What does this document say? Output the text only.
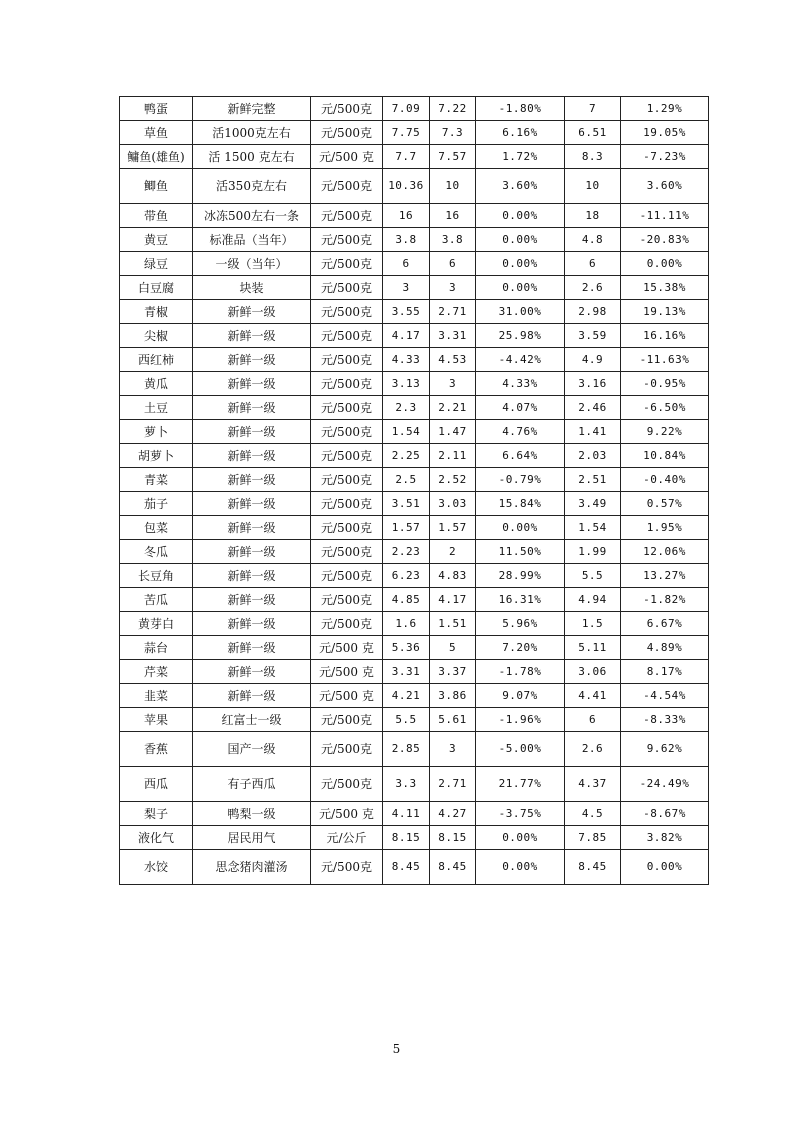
鸭蛋	新鲜完整	元/500克	7.09	7.22	-1.80%	7	1.29%
草鱼	活1000克左右	元/500克	7.75	7.3	6.16%	6.51	19.05%
鳙鱼(雄鱼)	活 1500 克左右	元/500 克	7.7	7.57	1.72%	8.3	-7.23%
鲫鱼	活350克左右	元/500克	10.36	10	3.60%	10	3.60%
带鱼	冰冻500左右一条	元/500克	16	16	0.00%	18	-11.11%
黄豆	标准品（当年）	元/500克	3.8	3.8	0.00%	4.8	-20.83%
绿豆	一级（当年）	元/500克	6	6	0.00%	6	0.00%
白豆腐	块装	元/500克	3	3	0.00%	2.6	15.38%
青椒	新鲜一级	元/500克	3.55	2.71	31.00%	2.98	19.13%
尖椒	新鲜一级	元/500克	4.17	3.31	25.98%	3.59	16.16%
西红柿	新鲜一级	元/500克	4.33	4.53	-4.42%	4.9	-11.63%
黄瓜	新鲜一级	元/500克	3.13	3	4.33%	3.16	-0.95%
土豆	新鲜一级	元/500克	2.3	2.21	4.07%	2.46	-6.50%
萝卜	新鲜一级	元/500克	1.54	1.47	4.76%	1.41	9.22%
胡萝卜	新鲜一级	元/500克	2.25	2.11	6.64%	2.03	10.84%
青菜	新鲜一级	元/500克	2.5	2.52	-0.79%	2.51	-0.40%
茄子	新鲜一级	元/500克	3.51	3.03	15.84%	3.49	0.57%
包菜	新鲜一级	元/500克	1.57	1.57	0.00%	1.54	1.95%
冬瓜	新鲜一级	元/500克	2.23	2	11.50%	1.99	12.06%
长豆角	新鲜一级	元/500克	6.23	4.83	28.99%	5.5	13.27%
苦瓜	新鲜一级	元/500克	4.85	4.17	16.31%	4.94	-1.82%
黄芽白	新鲜一级	元/500克	1.6	1.51	5.96%	1.5	6.67%
蒜台	新鲜一级	元/500 克	5.36	5	7.20%	5.11	4.89%
芹菜	新鲜一级	元/500 克	3.31	3.37	-1.78%	3.06	8.17%
韭菜	新鲜一级	元/500 克	4.21	3.86	9.07%	4.41	-4.54%
苹果	红富士一级	元/500克	5.5	5.61	-1.96%	6	-8.33%
香蕉	国产一级	元/500克	2.85	3	-5.00%	2.6	9.62%
西瓜	有子西瓜	元/500克	3.3	2.71	21.77%	4.37	-24.49%
梨子	鸭梨一级	元/500 克	4.11	4.27	-3.75%	4.5	-8.67%
液化气	居民用气	元/公斤	8.15	8.15	0.00%	7.85	3.82%
水饺	思念猪肉灌汤	元/500克	8.45	8.45	0.00%	8.45	0.00%
5
